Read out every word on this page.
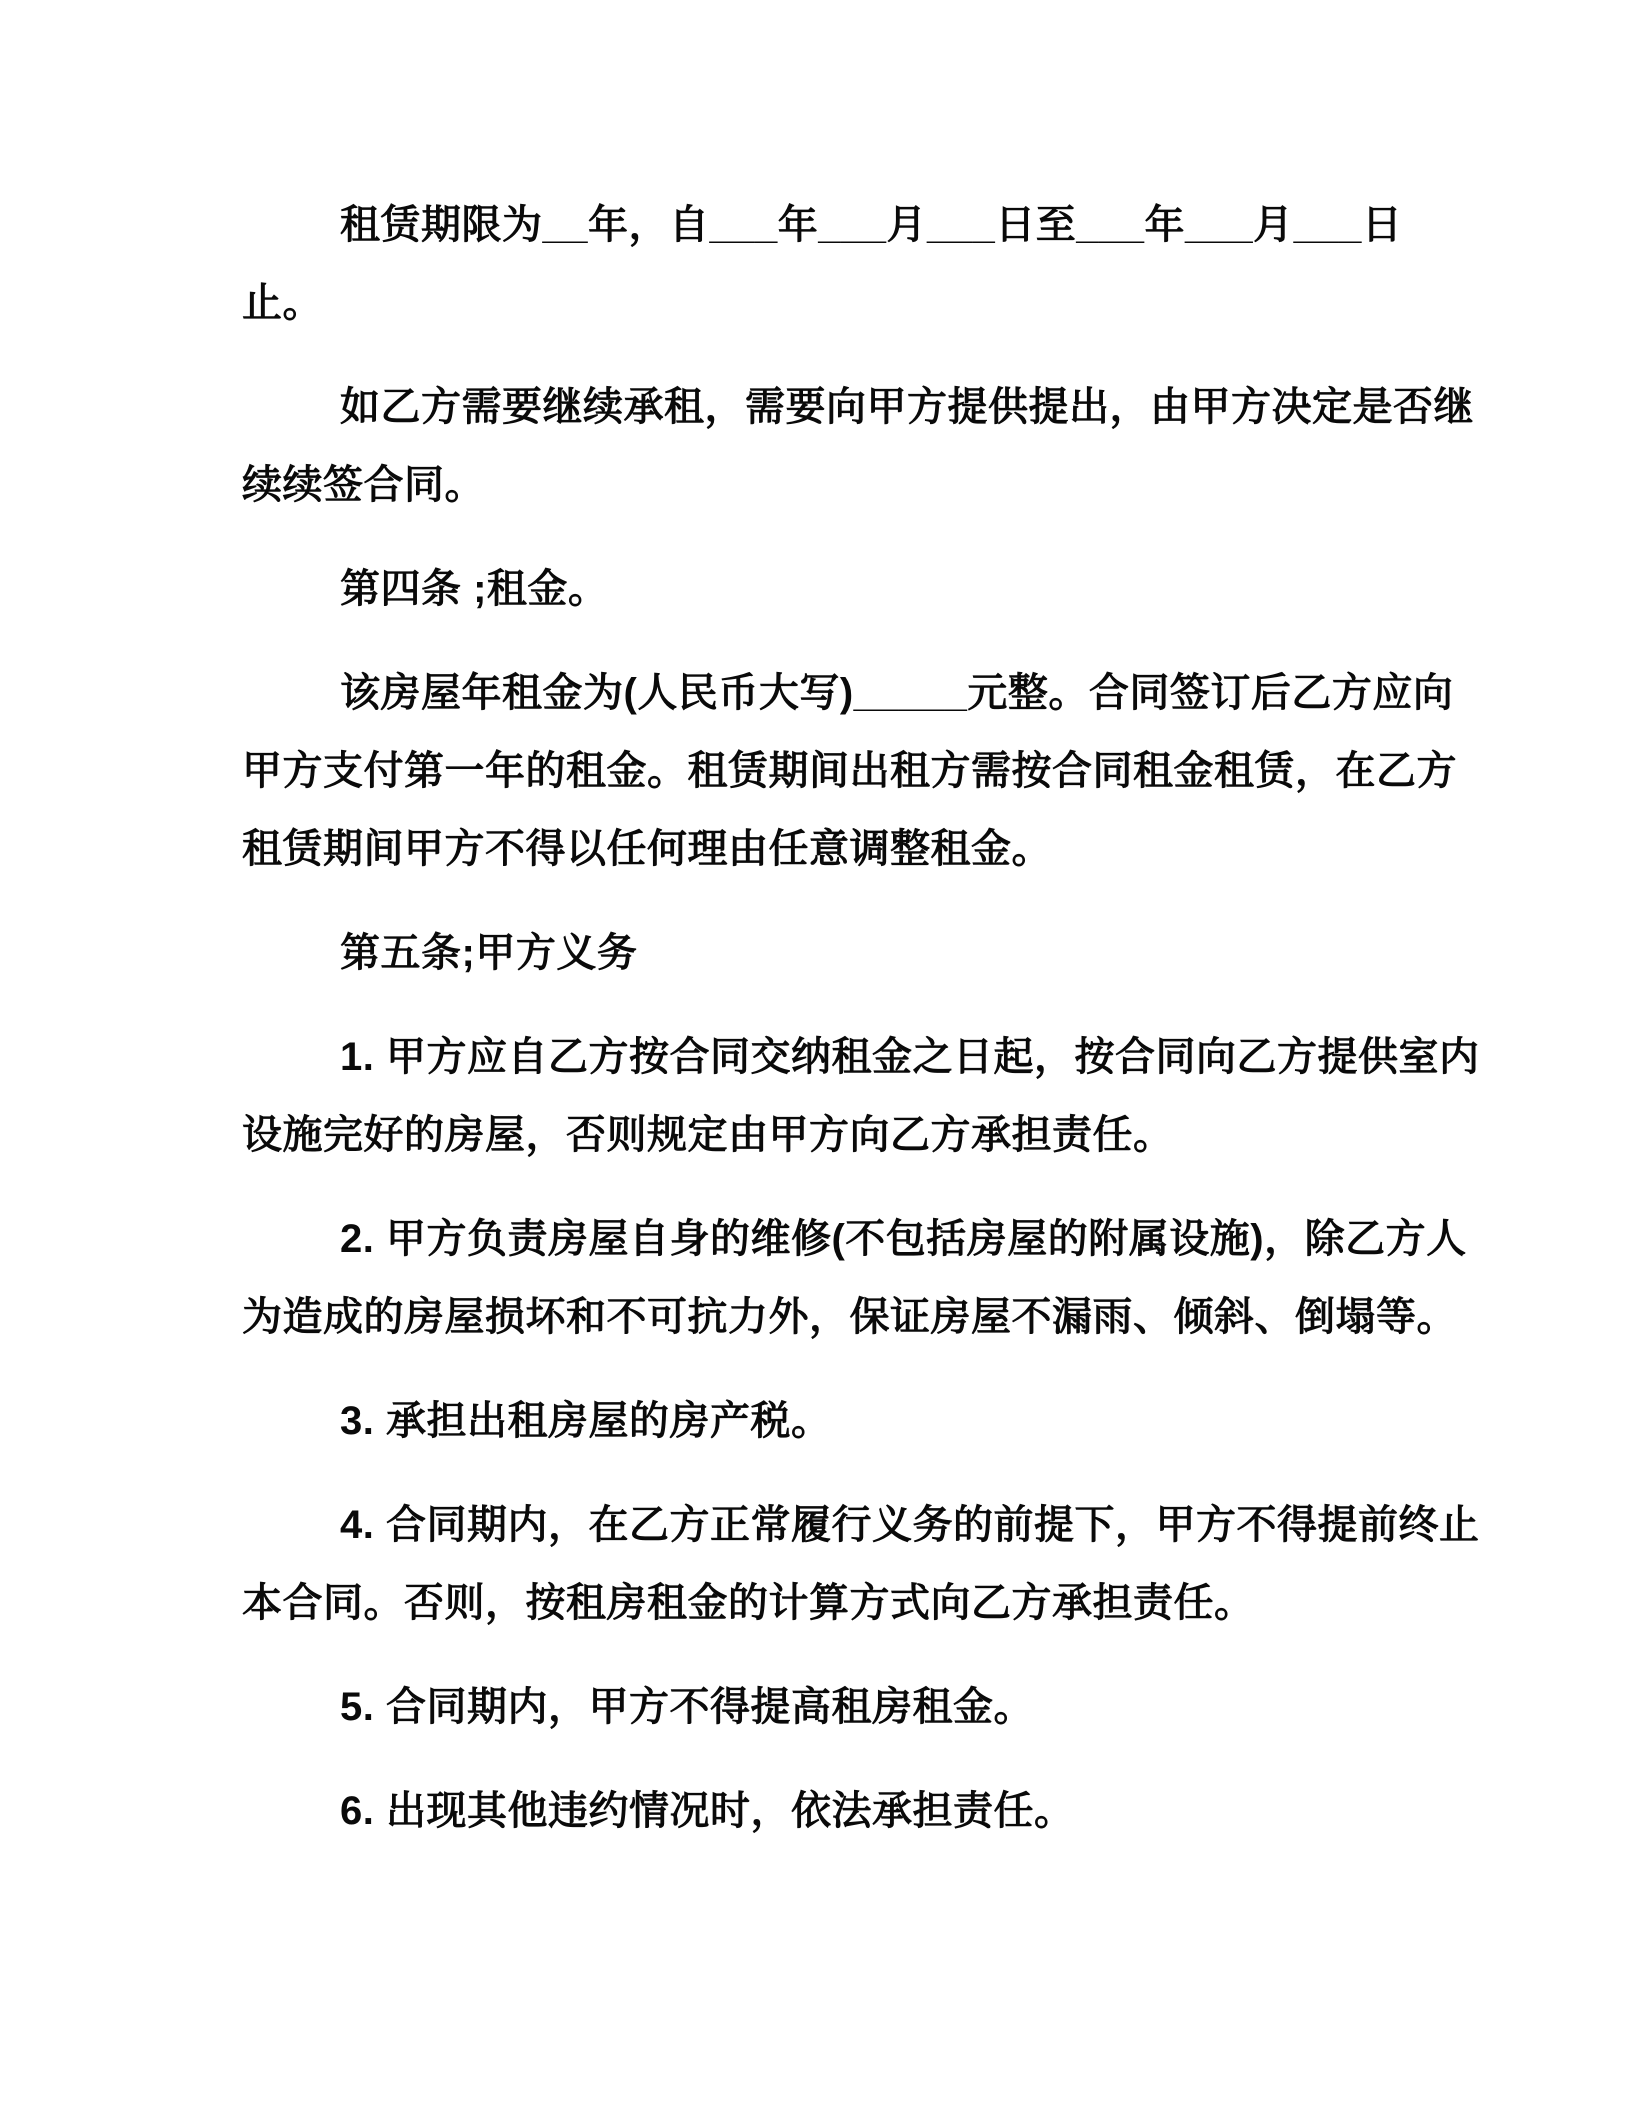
租赁期限为__年，自___年___月___日至___年___月___日
止。
如乙方需要继续承租，需要向甲方提供提出，由甲方决定是否继
续续签合同。
第四条 ;租金。
该房屋年租金为(人民币大写)_____元整。合同签订后乙方应向
甲方支付第一年的租金。租赁期间出租方需按合同租金租赁，在乙方
租赁期间甲方不得以任何理由任意调整租金。
第五条;甲方义务
1. 甲方应自乙方按合同交纳租金之日起，按合同向乙方提供室内
设施完好的房屋，否则规定由甲方向乙方承担责任。
2. 甲方负责房屋自身的维修(不包括房屋的附属设施)，除乙方人
为造成的房屋损坏和不可抗力外，保证房屋不漏雨、倾斜、倒塌等。
3. 承担出租房屋的房产税。
4. 合同期内，在乙方正常履行义务的前提下，甲方不得提前终止
本合同。否则，按租房租金的计算方式向乙方承担责任。
5. 合同期内，甲方不得提高租房租金。
6. 出现其他违约情况时，依法承担责任。
